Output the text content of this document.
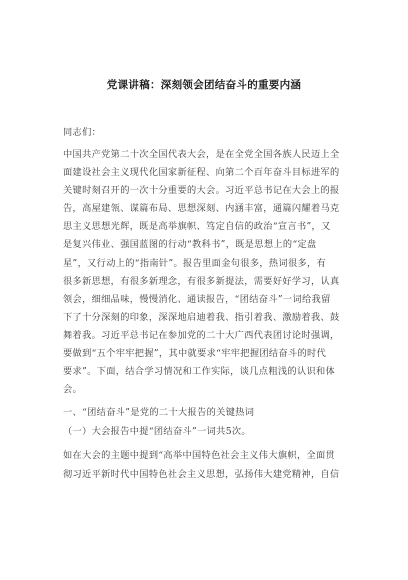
党课讲稿：深刻领会团结奋斗的重要内涵
同志们：
中国共产党第二十次全国代表大会，是在全党全国各族人民迈上全
面建设社会主义现代化国家新征程、向第二个百年奋斗目标进军的
关键时刻召开的一次十分重要的大会。习近平总书记在大会上的报
告，高屋建瓴、谋篇布局、思想深刻、内涵丰富，通篇闪耀着马克
思主义思想光辉，既是高举旗帜、笃定自信的政治“宣言书”，又
是复兴伟业、强国蓝图的行动“教科书”，既是思想上的“定盘
星”，又行动上的“指南针”。报告里面金句很多，热词很多，有
很多新思想，有很多新理念，有很多新提法，需要好好学习，认真
领会，细细品味，慢慢消化、通读报告，“团结奋斗”一词给我留
下了十分深刻的印象，深深地启迪着我、指引着我、激励着我、鼓
舞着我。习近平总书记在参加党的二十大广西代表团讨论时强调，
要做到“五个牢牢把握”，其中就要求“牢牢把握团结奋斗的时代
要求”。下面，结合学习情况和工作实际，谈几点粗浅的认识和体
会。
一、“团结奋斗”是党的二十大报告的关键热词
（一）大会报告中提“团结奋斗”一词共5次。
如在大会的主题中提到“高举中国特色社会主义伟大旗帜，全面贯
彻习近平新时代中国特色社会主义思想，弘扬伟大建党精神，自信
